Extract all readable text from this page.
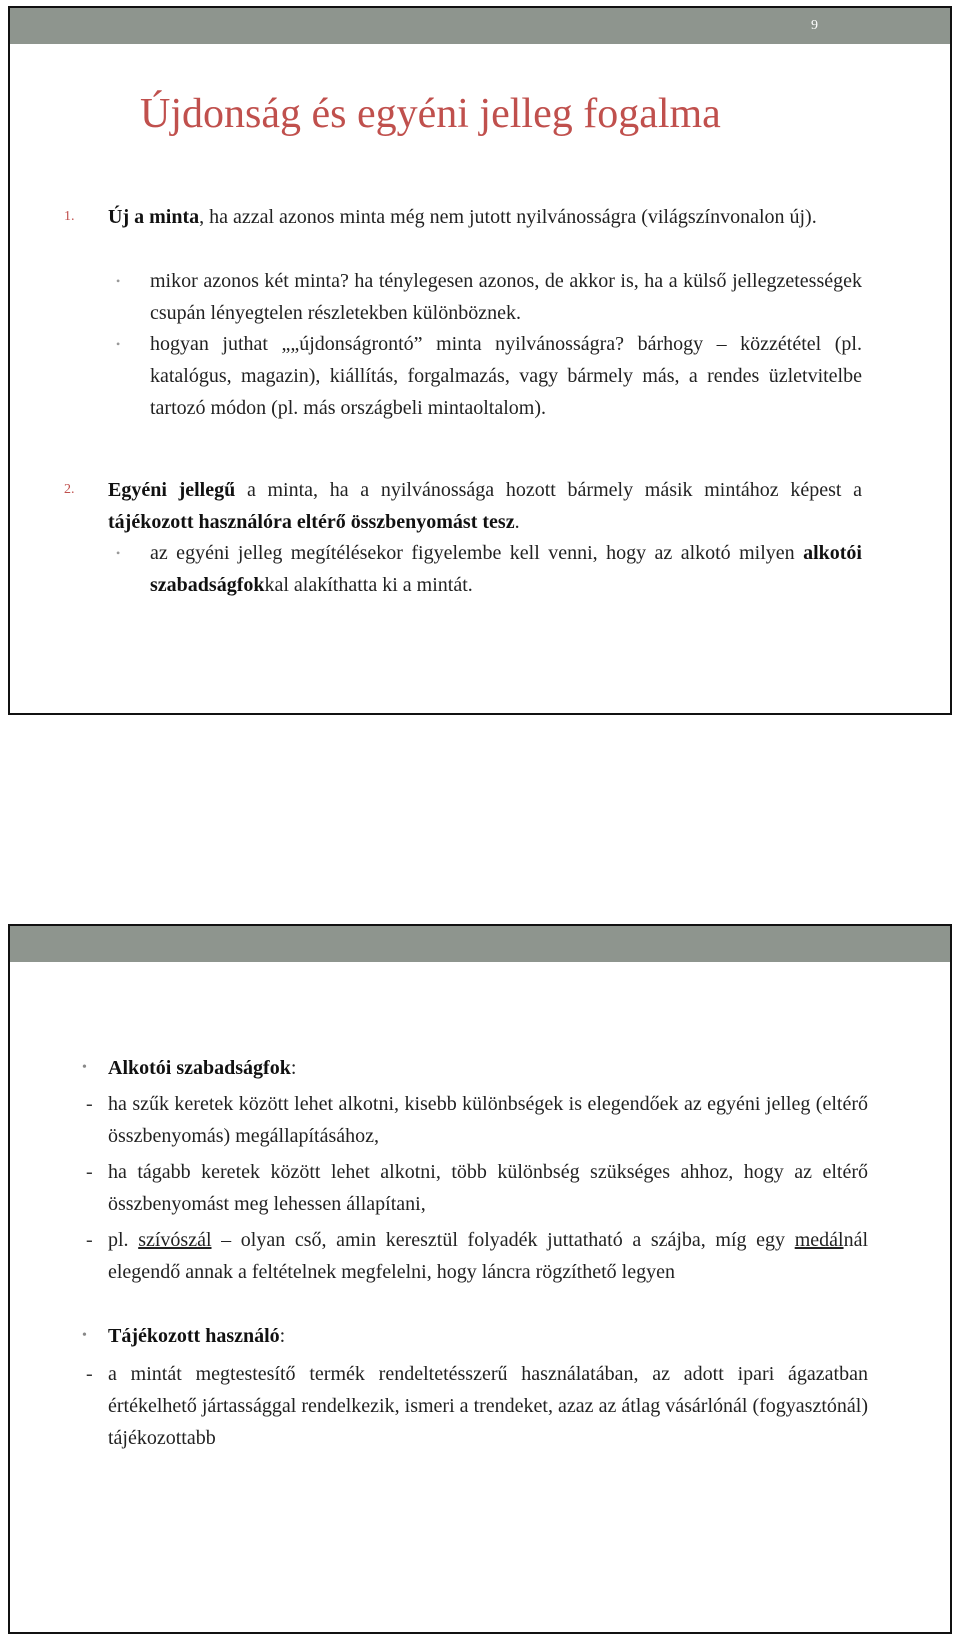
9
Újdonság és egyéni jelleg fogalma
1. Új a minta, ha azzal azonos minta még nem jutott nyilvánosságra (világszínvonalon új).
• mikor azonos két minta? ha ténylegesen azonos, de akkor is, ha a külső jellegzetességek csupán lényegtelen részletekben különböznek.
• hogyan juthat „„újdonságrontó” minta nyilvánosságra? bárhogy – közzététel (pl. katalógus, magazin), kiállítás, forgalmazás, vagy bármely más, a rendes üzletvitelbe tartozó módon (pl. más országbeli mintaoltalom).
2. Egyéni jellegű a minta, ha a nyilvánossága hozott bármely másik mintához képest a tájékozott használóra eltérő összbenyomást tesz.
• az egyéni jelleg megítélésekor figyelembe kell venni, hogy az alkotó milyen alkotói szabadságfokkal alakíthatta ki a mintát.
• Alkotói szabadságfok:
- ha szűk keretek között lehet alkotni, kisebb különbségek is elegendőek az egyéni jelleg (eltérő összbenyomás) megállapításához,
- ha tágabb keretek között lehet alkotni, több különbség szükséges ahhoz, hogy az eltérő összbenyomást meg lehessen állapítani,
- pl. szívószál – olyan cső, amin keresztül folyadék juttatható a szájba, míg egy medálnál elegendő annak a feltételnek megfelelni, hogy láncra rögzíthető legyen
• Tájékozott használó:
- a mintát megtestesítő termék rendeltetésszerű használatában, az adott ipari ágazatban értékelhető jártassággal rendelkezik, ismeri a trendeket, azaz az átlag vásárlónál (fogyasztónál) tájékozottabb
